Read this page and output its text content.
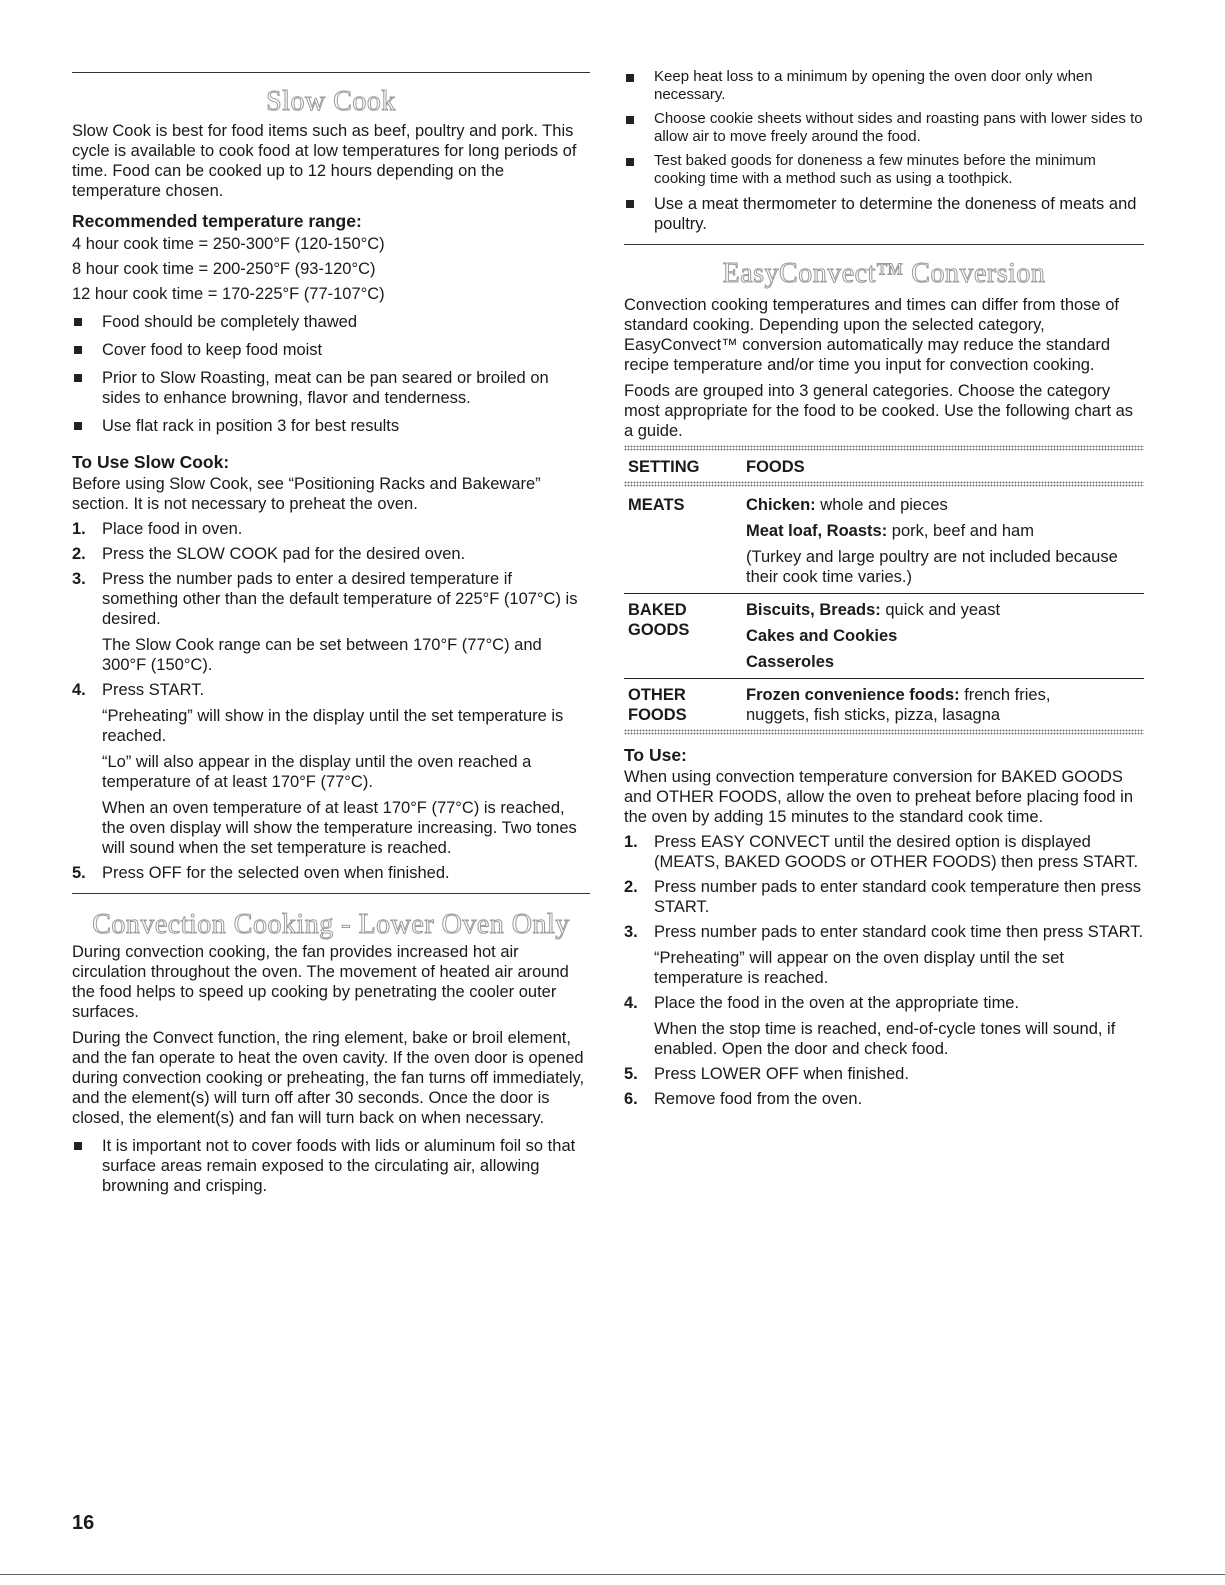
Slow Cook

Slow Cook is best for food items such as beef, poultry and pork. This cycle is available to cook food at low temperatures for long periods of time. Food can be cooked up to 12 hours depending on the temperature chosen.

Recommended temperature range:
4 hour cook time = 250-300°F (120-150°C)
8 hour cook time = 200-250°F (93-120°C)
12 hour cook time = 170-225°F (77-107°C)
Food should be completely thawed
Cover food to keep food moist
Prior to Slow Roasting, meat can be pan seared or broiled on sides to enhance browning, flavor and tenderness.
Use flat rack in position 3 for best results
To Use Slow Cook:

Before using Slow Cook, see “Positioning Racks and Bakeware” section. It is not necessary to preheat the oven.

1. Place food in oven.
2. Press the SLOW COOK pad for the desired oven.
3. Press the number pads to enter a desired temperature if something other than the default temperature of 225°F (107°C) is desired.
The Slow Cook range can be set between 170°F (77°C) and 300°F (150°C).
4. Press START.
“Preheating” will show in the display until the set temperature is reached.
“Lo” will also appear in the display until the oven reached a temperature of at least 170°F (77°C).
When an oven temperature of at least 170°F (77°C) is reached, the oven display will show the temperature increasing. Two tones will sound when the set temperature is reached.
5. Press OFF for the selected oven when finished.
Convection Cooking - Lower Oven Only

During convection cooking, the fan provides increased hot air circulation throughout the oven. The movement of heated air around the food helps to speed up cooking by penetrating the cooler outer surfaces.

During the Convect function, the ring element, bake or broil element, and the fan operate to heat the oven cavity. If the oven door is opened during convection cooking or preheating, the fan turns off immediately, and the element(s) will turn off after 30 seconds. Once the door is closed, the element(s) and fan will turn back on when necessary.

It is important not to cover foods with lids or aluminum foil so that surface areas remain exposed to the circulating air, allowing browning and crisping.
Keep heat loss to a minimum by opening the oven door only when necessary.
Choose cookie sheets without sides and roasting pans with lower sides to allow air to move freely around the food.
Test baked goods for doneness a few minutes before the minimum cooking time with a method such as using a toothpick.
Use a meat thermometer to determine the doneness of meats and poultry.
EasyConvect™ Conversion

Convection cooking temperatures and times can differ from those of standard cooking. Depending upon the selected category, EasyConvect™ conversion automatically may reduce the standard recipe temperature and/or time you input for convection cooking.

Foods are grouped into 3 general categories. Choose the category most appropriate for the food to be cooked. Use the following chart as a guide.

SETTING	FOODS
MEATS	Chicken: whole and pieces
Meat loaf, Roasts: pork, beef and ham
(Turkey and large poultry are not included because their cook time varies.)
BAKED
GOODS
Biscuits, Breads: quick and yeast
Cakes and Cookies
Casseroles
OTHER
FOODS
Frozen convenience foods: french fries,
nuggets, fish sticks, pizza, lasagna
To Use:

When using convection temperature conversion for BAKED GOODS and OTHER FOODS, allow the oven to preheat before placing food in the oven by adding 15 minutes to the standard cook time.

1. Press EASY CONVECT until the desired option is displayed (MEATS, BAKED GOODS or OTHER FOODS) then press START.
2. Press number pads to enter standard cook temperature then press START.
3. Press number pads to enter standard cook time then press START.
“Preheating” will appear on the oven display until the set temperature is reached.
4. Place the food in the oven at the appropriate time.
When the stop time is reached, end-of-cycle tones will sound, if enabled. Open the door and check food.
5. Press LOWER OFF when finished.
6. Remove food from the oven.
16
